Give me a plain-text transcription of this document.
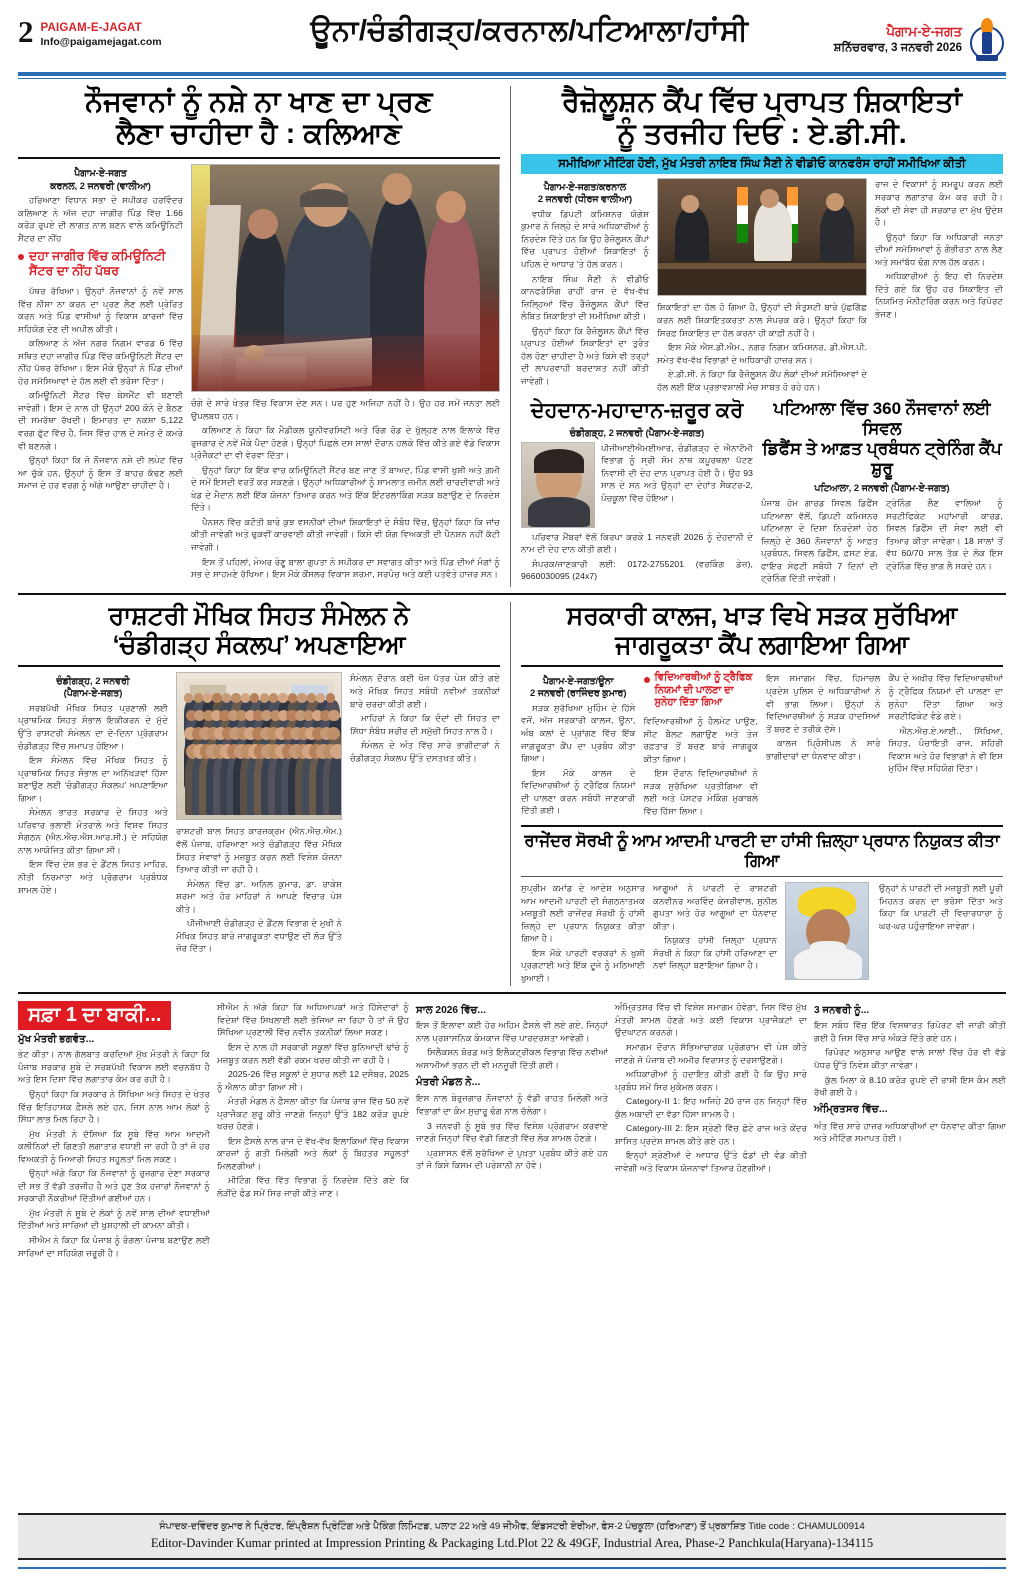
2 PAIGAM-E-JAGAT
Info@paigamejagat.com	ਉੂਨਾ/ਚੰਡੀਗੜ੍ਹ/ਕਰਨਾਲ/ਪਟਿਆਲਾ/ਹਾਂਸੀ	ਪੈਗਾਮ-ਏ-ਜਗਤ
ਸ਼ਨਿੱਚਰਵਾਰ, 3 ਜਨਵਰੀ 2026
ਨੌਜਵਾਨਾਂ ਨੂੰ ਨਸ਼ੇ ਨਾ ਖਾਣ ਦਾ ਪ੍ਰਣ
ਲੈਣਾ ਚਾਹੀਦਾ ਹੈ : ਕਲਿਆਣ
ਪੈਗਾਮ-ਏ-ਜਗਤ
ਕਰਨਲ, 2 ਜਨਵਰੀ (ਵਾਲੀਆ)

ਹਰਿਆਣਾ ਵਿਧਾਨ ਸਭਾ ਦੇ ਸਪੀਕਰ ਹਰਵਿੰਦਰ ਕਲਿਆਣ ਨੇ ਅੱਜ ਦਹਾ ਜਾਗੀਰ ਪਿੰਡ ਵਿੱਚ 1.66 ਕਰੋੜ ਰੁਪਏ ਦੀ ਲਾਗਤ ਨਾਲ ਬਣਨ ਵਾਲੇ ਕਮਿਊਨਿਟੀ ਸੈਂਟਰ ਦਾ ਨੀਂਹ

ਦਹਾ ਜਾਗੀਰ ਵਿੱਚ ਕਮਿਊਨਿਟੀ ਸੈਂਟਰ ਦਾ ਨੀਂਹ ਪੱਥਰ

ਪੱਥਰ ਰੱਖਿਆ। ਉਨ੍ਹਾਂ ਨੌਜਵਾਨਾਂ ਨੂੰ ਨਵੇਂ ਸਾਲ ਵਿੱਚ ਨੀਸ਼ਾ ਨਾ ਕਰਨ ਦਾ ਪ੍ਰਣ ਲੈਣ ਲਈ ਪ੍ਰੇਰਿਤ ਕਰਨ ਅਤੇ ਪਿੰਡ ਵਾਸੀਆਂ ਨੂੰ ਵਿਕਾਸ ਕਾਰਜਾਂ ਵਿੱਚ ਸਹਿਯੋਗ ਦੇਣ ਦੀ ਅਪੀਲ ਕੀਤੀ।

ਕਲਿਆਣ ਨੇ ਅੱਜ ਨਗਰ ਨਿਗਮ ਵਾਰਡ 6 ਵਿੱਚ ਸਥਿਤ ਦਹਾ ਜਾਗੀਰ ਪਿੰਡ ਵਿੱਚ ਕਮਿਊਨਿਟੀ ਸੈਂਟਰ ਦਾ ਨੀਂਹ ਪੱਥਰ ਰੱਖਿਆ। ਇਸ ਮੌਕੇ ਉਨ੍ਹਾਂ ਨੇ ਪਿੰਡ ਦੀਆਂ ਹੋਰ ਸਮੱਸਿਆਵਾਂ ਦੇ ਹੱਲ ਲਈ ਵੀ ਭਰੋਸਾ ਦਿੱਤਾ।

ਕਮਿਊਨਿਟੀ ਸੈਂਟਰ ਵਿੱਚ ਬੇਸਮੈਂਟ ਵੀ ਬਣਾਈ ਜਾਵੇਗੀ। ਇਸ ਦੇ ਨਾਲ ਹੀ ਉਨ੍ਹਾਂ 200 ਕੋਨੇ ਦੇ ਬੈਠਣ ਦੀ ਸਮਰੱਥਾ ਰੱਖਦੀ। ਇਮਾਰਤ ਦਾ ਨਕਸ਼ਾ 5,122 ਵਰਗ ਫੁੱਟ ਵਿੱਚ ਹੈ, ਜਿਸ ਵਿੱਚ ਹਾਲ ਦੇ ਸਮੇਤ ਦੋ ਕਮਰੇ ਵੀ ਬਣਨਗੇ।

ਉਨ੍ਹਾਂ ਕਿਹਾ ਕਿ ਜੋ ਨੌਜਵਾਨ ਨਸ਼ੇ ਦੀ ਲਪੇਟ ਵਿੱਚ ਆ ਚੁੱਕੇ ਹਨ, ਉਨ੍ਹਾਂ ਨੂੰ ਇਸ ਤੋਂ ਬਾਹਰ ਕੱਢਣ ਲਈ ਸਮਾਜ ਦੇ ਹਰ ਵਰਗ ਨੂੰ ਅੱਗੇ ਆਉਣਾ ਚਾਹੀਦਾ ਹੈ।

ਚੰਗੇ ਦੇ ਸਾਰੇ ਖੇਤਰ ਵਿੱਚ ਵਿਕਾਸ ਦੇਣ ਸਨ। ਪਰ ਹੁਣ ਅਜਿਹਾ ਨਹੀਂ ਹੈ। ਉਹ ਹਰ ਸਮੇਂ ਜਨਤਾ ਲਈ ਉਪਲਬਧ ਹਨ।

ਕਲਿਆਣ ਨੇ ਕਿਹਾ ਕਿ ਮੈਡੀਕਲ ਯੂਨੀਵਰਸਿਟੀ ਅਤੇ ਰਿੰਗ ਰੋਡ ਦੇ ਖੁੱਲ੍ਹਣ ਨਾਲ ਇਲਾਕੇ ਵਿੱਚ ਰੁਜ਼ਗਾਰ ਦੇ ਨਵੇਂ ਮੌਕੇ ਪੈਦਾ ਹੋਣਗੇ। ਉਨ੍ਹਾਂ ਪਿਛਲੇ ਦਸ ਸਾਲਾਂ ਦੌਰਾਨ ਹਲਕੇ ਵਿੱਚ ਕੀਤੇ ਗਏ ਵੱਡੇ ਵਿਕਾਸ ਪ੍ਰੋਜੈਕਟਾਂ ਦਾ ਵੀ ਵੇਰਵਾ ਦਿੱਤਾ।

ਉਨ੍ਹਾਂ ਕਿਹਾ ਕਿ ਇੱਕ ਵਾਰ ਕਮਿਊਨਿਟੀ ਸੈਂਟਰ ਬਣ ਜਾਣ ਤੋਂ ਬਾਅਦ, ਪਿੰਡ ਵਾਸੀ ਖੁਸ਼ੀ ਅਤੇ ਗ਼ਮੀ ਦੇ ਸਮੇਂ ਇਸਦੀ ਵਰਤੋਂ ਕਰ ਸਕਣਗੇ। ਉਨ੍ਹਾਂ ਅਧਿਕਾਰੀਆਂ ਨੂੰ ਸ਼ਾਮਲਾਤ ਜ਼ਮੀਨ ਲਈ ਚਾਰਦੀਵਾਰੀ ਅਤੇ ਖੇਡ ਦੇ ਮੈਦਾਨ ਲਈ ਇੱਕ ਯੋਜਨਾ ਤਿਆਰ ਕਰਨ ਅਤੇ ਇੱਕ ਇੰਟਰਲਾਕਿੰਗ ਸੜਕ ਬਣਾਉਣ ਦੇ ਨਿਰਦੇਸ਼ ਦਿੱਤੇ।

ਪੈਨਸ਼ਨ ਵਿੱਚ ਕਟੌਤੀ ਬਾਰੇ ਕੁਝ ਵਸਨੀਕਾਂ ਦੀਆਂ ਸ਼ਿਕਾਇਤਾਂ ਦੇ ਸੰਬੰਧ ਵਿੱਚ, ਉਨ੍ਹਾਂ ਕਿਹਾ ਕਿ ਜਾਂਚ ਕੀਤੀ ਜਾਵੇਗੀ ਅਤੇ ਢੁਕਵੀਂ ਕਾਰਵਾਈ ਕੀਤੀ ਜਾਵੇਗੀ। ਕਿਸੇ ਵੀ ਯੋਗ ਵਿਅਕਤੀ ਦੀ ਪੈਨਸ਼ਨ ਨਹੀਂ ਕੱਟੀ ਜਾਵੇਗੀ।

ਇਸ ਤੋਂ ਪਹਿਲਾਂ, ਮੇਅਰ ਰੇਣੂ ਬਾਲਾ ਗੁਪਤਾ ਨੇ ਸਪੀਕਰ ਦਾ ਸਵਾਗਤ ਕੀਤਾ ਅਤੇ ਪਿੰਡ ਦੀਆਂ ਮੰਗਾਂ ਨੂੰ ਸਭ ਦੇ ਸਾਹਮਣੇ ਰੱਖਿਆ। ਇਸ ਮੌਕੇ ਕੌਂਸਲਰ ਵਿਕਾਸ ਸ਼ਰਮਾ, ਸਰਪੰਚ ਅਤੇ ਕਈ ਪਤਵੰਤੇ ਹਾਜ਼ਰ ਸਨ।

ਰੈਜ਼ੋਲੂਸ਼ਨ ਕੈਂਪ ਵਿੱਚ ਪ੍ਰਾਪਤ ਸ਼ਿਕਾਇਤਾਂ
ਨੂੰ ਤਰਜੀਹ ਦਿਓ : ਏ.ਡੀ.ਸੀ.
ਸਮੀਖਿਆ ਮੀਟਿੰਗ ਹੋਈ, ਮੁੱਖ ਮੰਤਰੀ ਨਾਇਬ ਸਿੰਘ ਸੈਣੀ ਨੇ ਵੀਡੀਓ ਕਾਨਫਰੰਸ ਰਾਹੀਂ ਸਮੀਖਿਆ ਕੀਤੀ
ਪੈਗਾਮ-ਏ-ਜਗਤ/ਕਰਨਾਲ
2 ਜਨਵਰੀ (ਧੀਰਜ ਵਾਲੀਆ)

ਵਧੀਕ ਡਿਪਟੀ ਕਮਿਸ਼ਨਰ ਯੋਗੇਸ਼ ਕੁਮਾਰ ਨੇ ਜ਼ਿਲ੍ਹੇ ਦੇ ਸਾਰੇ ਅਧਿਕਾਰੀਆਂ ਨੂੰ ਨਿਰਦੇਸ਼ ਦਿੱਤੇ ਹਨ ਕਿ ਉਹ ਰੈਜ਼ੋਲੂਸ਼ਨ ਕੈਂਪਾਂ ਵਿੱਚ ਪ੍ਰਾਪਤ ਹੋਈਆਂ ਸ਼ਿਕਾਇਤਾਂ ਨੂੰ ਪਹਿਲ ਦੇ ਆਧਾਰ 'ਤੇ ਹੱਲ ਕਰਨ।

ਨਾਇਬ ਸਿੰਘ ਸੈਣੀ ਨੇ ਵੀਡੀਓ ਕਾਨਫਰੰਸਿੰਗ ਰਾਹੀਂ ਰਾਜ ਦੇ ਵੱਖ-ਵੱਖ ਜ਼ਿਲ੍ਹਿਆਂ ਵਿੱਚ ਰੈਜ਼ੋਲੂਸ਼ਨ ਕੈਂਪਾਂ ਵਿੱਚ ਲੰਬਿਤ ਸ਼ਿਕਾਇਤਾਂ ਦੀ ਸਮੀਖਿਆ ਕੀਤੀ।

ਉਨ੍ਹਾਂ ਕਿਹਾ ਕਿ ਰੈਜ਼ੋਲੂਸ਼ਨ ਕੈਂਪਾਂ ਵਿੱਚ ਪ੍ਰਾਪਤ ਹੋਈਆਂ ਸ਼ਿਕਾਇਤਾਂ ਦਾ ਤੁਰੰਤ ਹੱਲ ਹੋਣਾ ਚਾਹੀਦਾ ਹੈ ਅਤੇ ਕਿਸੇ ਵੀ ਤਰ੍ਹਾਂ ਦੀ ਲਾਪਰਵਾਹੀ ਬਰਦਾਸ਼ਤ ਨਹੀਂ ਕੀਤੀ ਜਾਵੇਗੀ।

ਸ਼ਿਕਾਇਤਾਂ ਦਾ ਹੱਲ ਹੋ ਗਿਆ ਹੈ, ਉਨ੍ਹਾਂ ਦੀ ਸੰਤੁਸ਼ਟੀ ਬਾਰੇ ਪੁੱਛਗਿੱਛ ਕਰਨ ਲਈ ਸ਼ਿਕਾਇਤਕਰਤਾ ਨਾਲ ਸੰਪਰਕ ਕਰੋ। ਉਨ੍ਹਾਂ ਕਿਹਾ ਕਿ ਸਿਰਫ਼ ਸ਼ਿਕਾਇਤ ਦਾ ਹੱਲ ਕਰਨਾ ਹੀ ਕਾਫ਼ੀ ਨਹੀਂ ਹੈ।

ਇਸ ਮੌਕੇ ਐਸ.ਡੀ.ਐਮ., ਨਗਰ ਨਿਗਮ ਕਮਿਸ਼ਨਰ, ਡੀ.ਐਸ.ਪੀ. ਸਮੇਤ ਵੱਖ-ਵੱਖ ਵਿਭਾਗਾਂ ਦੇ ਅਧਿਕਾਰੀ ਹਾਜ਼ਰ ਸਨ।

ਏ.ਡੀ.ਸੀ. ਨੇ ਕਿਹਾ ਕਿ ਰੈਜ਼ੋਲੂਸ਼ਨ ਕੈਂਪ ਲੋਕਾਂ ਦੀਆਂ ਸਮੱਸਿਆਵਾਂ ਦੇ ਹੱਲ ਲਈ ਇੱਕ ਪ੍ਰਭਾਵਸ਼ਾਲੀ ਮੰਚ ਸਾਬਤ ਹੋ ਰਹੇ ਹਨ।

ਰਾਜ ਦੇ ਵਿਕਾਸਾਂ ਨੂੰ ਸਮਰੂਪ ਕਰਨ ਲਈ ਸਰਕਾਰ ਲਗਾਤਾਰ ਕੰਮ ਕਰ ਰਹੀ ਹੈ। ਲੋਕਾਂ ਦੀ ਸੇਵਾ ਹੀ ਸਰਕਾਰ ਦਾ ਮੁੱਖ ਉਦੇਸ਼ ਹੈ।

ਉਨ੍ਹਾਂ ਕਿਹਾ ਕਿ ਅਧਿਕਾਰੀ ਜਨਤਾ ਦੀਆਂ ਸਮੱਸਿਆਵਾਂ ਨੂੰ ਗੰਭੀਰਤਾ ਨਾਲ ਲੈਣ ਅਤੇ ਸਮਾਂਬੱਧ ਢੰਗ ਨਾਲ ਹੱਲ ਕਰਨ।

ਅਧਿਕਾਰੀਆਂ ਨੂੰ ਇਹ ਵੀ ਨਿਰਦੇਸ਼ ਦਿੱਤੇ ਗਏ ਕਿ ਉਹ ਹਰ ਸ਼ਿਕਾਇਤ ਦੀ ਨਿਯਮਿਤ ਮੋਨੀਟਰਿੰਗ ਕਰਨ ਅਤੇ ਰਿਪੋਰਟ ਭੇਜਣ।

ਦੇਹਦਾਨ-ਮਹਾਦਾਨ-ਜ਼ਰੂਰ ਕਰੋ
ਚੰਡੀਗੜ੍ਹ, 2 ਜਨਵਰੀ (ਪੈਗਾਮ-ਏ-ਜਗਤ)

ਪੀਜੀਆਈਐਮਈਆਰ, ਚੰਡੀਗੜ੍ਹ ਦੇ ਐਨਾਟੌਮੀ ਵਿਭਾਗ ਨੂੰ ਸ੍ਰੀ ਸੋਮ ਨਾਥ ਕਪੂਰਥਲਾ ਪੱਟਣ ਨਿਵਾਸੀ ਦੀ ਦੇਹ ਦਾਨ ਪ੍ਰਾਪਤ ਹੋਈ ਹੈ। ਉਹ 93 ਸਾਲ ਦੇ ਸਨ ਅਤੇ ਉਨ੍ਹਾਂ ਦਾ ਦੇਹਾਂਤ ਸੈਕਟਰ-2, ਪੰਚਕੂਲਾ ਵਿੱਚ ਹੋਇਆ।

ਪਰਿਵਾਰ ਮੈਂਬਰਾਂ ਵੱਲੋਂ ਕਿਰਪਾ ਕਰਕੇ 1 ਜਨਵਰੀ 2026 ਨੂੰ ਦੇਹਦਾਨੀ ਦੇ ਨਾਮ ਦੀ ਦੇਹ ਦਾਨ ਕੀਤੀ ਗਈ।

ਸੰਪਰਕ/ਜਾਣਕਾਰੀ ਲਈ: 0172-2755201 (ਵਰਕਿੰਗ ਡੇਜ਼), 9660030095 (24x7)

ਪਟਿਆਲਾ ਵਿੱਚ 360 ਨੌਜਵਾਨਾਂ ਲਈ ਸਿਵਲ
ਡਿਫੈਂਸ ਤੇ ਆਫ਼ਤ ਪ੍ਰਬੰਧਨ ਟ੍ਰੇਨਿੰਗ ਕੈਂਪ ਸ਼ੁਰੂ
ਪਟਿਆਲਾ, 2 ਜਨਵਰੀ (ਪੈਗਾਮ-ਏ-ਜਗਤ)

ਪੰਜਾਬ ਹੋਮ ਗਾਰਡ ਸਿਵਲ ਡਿਫੈਂਸ ਪਟਿਆਲਾ ਵੱਲੋਂ, ਡਿਪਟੀ ਕਮਿਸ਼ਨਰ ਪਟਿਆਲਾ ਦੇ ਦਿਸ਼ਾ ਨਿਰਦੇਸ਼ਾਂ ਹੇਠ ਜ਼ਿਲ੍ਹੇ ਦੇ 360 ਨੌਜਵਾਨਾਂ ਨੂੰ ਆਫ਼ਤ ਪ੍ਰਬੰਧਨ, ਸਿਵਲ ਡਿਫੈਂਸ, ਫ਼ਸਟ ਏਡ, ਫਾਇਰ ਸੇਫਟੀ ਸਬੰਧੀ 7 ਦਿਨਾਂ ਦੀ ਟ੍ਰੇਨਿੰਗ ਦਿੱਤੀ ਜਾਵੇਗੀ।

ਟ੍ਰੇਨਿੰਗ ਲੈਣ ਵਾਲਿਆਂ ਨੂੰ ਸਰਟੀਫਿਕੇਟ ਮਹਾਂਮਾਰੀ ਕਾਰਡ, ਸਿਵਲ ਡਿਫੈਂਸ ਦੀ ਸੇਵਾ ਲਈ ਵੀ ਤਿਆਰ ਕੀਤਾ ਜਾਵੇਗਾ। 18 ਸਾਲਾਂ ਤੋਂ ਵੱਧ 60/70 ਸਾਲ ਤੱਕ ਦੇ ਲੋਕ ਇਸ ਟ੍ਰੇਨਿੰਗ ਵਿੱਚ ਭਾਗ ਲੈ ਸਕਦੇ ਹਨ।

ਰਾਸ਼ਟਰੀ ਮੌਖਿਕ ਸਿਹਤ ਸੰਮੇਲਨ ਨੇ
‘ਚੰਡੀਗੜ੍ਹ ਸੰਕਲਪ’ ਅਪਣਾਇਆ
ਚੰਡੀਗੜ੍ਹ, 2 ਜਨਵਰੀ
(ਪੈਗਾਮ-ਏ-ਜਗਤ)

ਸਰਬਪੱਖੀ ਮੌਖਿਕ ਸਿਹਤ ਪ੍ਰਣਾਲੀ ਲਈ ਪ੍ਰਾਥਮਿਕ ਸਿਹਤ ਸੰਭਾਲ ਇਕੀਕਰਨ ਦੇ ਮੁੱਦੇ ਉੱਤੇ ਰਾਸ਼ਟਰੀ ਸੰਮੇਲਨ ਦਾ ਦੋ-ਦਿਨਾ ਪ੍ਰੋਗਰਾਮ ਚੰਡੀਗੜ੍ਹ ਵਿੱਚ ਸਮਾਪਤ ਹੋਇਆ।

ਇਸ ਸੰਮੇਲਨ ਵਿੱਚ ਮੌਖਿਕ ਸਿਹਤ ਨੂੰ ਪ੍ਰਾਥਮਿਕ ਸਿਹਤ ਸੰਭਾਲ ਦਾ ਅਨਿੱਖੜਵਾਂ ਹਿੱਸਾ ਬਣਾਉਣ ਲਈ ‘ਚੰਡੀਗੜ੍ਹ ਸੰਕਲਪ’ ਅਪਣਾਇਆ ਗਿਆ।

ਸੰਮੇਲਨ ਭਾਰਤ ਸਰਕਾਰ ਦੇ ਸਿਹਤ ਅਤੇ ਪਰਿਵਾਰ ਭਲਾਈ ਮੰਤਰਾਲੇ ਅਤੇ ਵਿਸ਼ਵ ਸਿਹਤ ਸੰਗਠਨ (ਐਨ.ਐਚ.ਐਸ.ਆਰ.ਸੀ.) ਦੇ ਸਹਿਯੋਗ ਨਾਲ ਆਯੋਜਿਤ ਕੀਤਾ ਗਿਆ ਸੀ।

ਇਸ ਵਿੱਚ ਦੇਸ਼ ਭਰ ਦੇ ਡੈਂਟਲ ਸਿਹਤ ਮਾਹਿਰ, ਨੀਤੀ ਨਿਰਮਾਤਾ ਅਤੇ ਪ੍ਰੋਗਰਾਮ ਪ੍ਰਬੰਧਕ ਸ਼ਾਮਲ ਹੋਏ।

ਰਾਸ਼ਟਰੀ ਬਾਲ ਸਿਹਤ ਕਾਰਜਕ੍ਰਮ (ਐਨ.ਐਚ.ਐਮ.) ਵੱਲੋਂ ਪੰਜਾਬ, ਹਰਿਆਣਾ ਅਤੇ ਚੰਡੀਗੜ੍ਹ ਵਿੱਚ ਮੌਖਿਕ ਸਿਹਤ ਸੇਵਾਵਾਂ ਨੂੰ ਮਜ਼ਬੂਤ ਕਰਨ ਲਈ ਵਿਸ਼ੇਸ਼ ਯੋਜਨਾ ਤਿਆਰ ਕੀਤੀ ਜਾ ਰਹੀ ਹੈ।

ਸੰਮੇਲਨ ਵਿੱਚ ਡਾ. ਅਨਿਲ ਕੁਮਾਰ, ਡਾ. ਰਾਕੇਸ਼ ਸ਼ਰਮਾ ਅਤੇ ਹੋਰ ਮਾਹਿਰਾਂ ਨੇ ਆਪਣੇ ਵਿਚਾਰ ਪੇਸ਼ ਕੀਤੇ।

ਪੀਜੀਆਈ ਚੰਡੀਗੜ੍ਹ ਦੇ ਡੈਂਟਲ ਵਿਭਾਗ ਦੇ ਮੁਖੀ ਨੇ ਮੌਖਿਕ ਸਿਹਤ ਬਾਰੇ ਜਾਗਰੂਕਤਾ ਵਧਾਉਣ ਦੀ ਲੋੜ ਉੱਤੇ ਜ਼ੋਰ ਦਿੱਤਾ।

ਸੰਮੇਲਨ ਦੌਰਾਨ ਕਈ ਖੋਜ ਪੱਤਰ ਪੇਸ਼ ਕੀਤੇ ਗਏ ਅਤੇ ਮੌਖਿਕ ਸਿਹਤ ਸਬੰਧੀ ਨਵੀਆਂ ਤਕਨੀਕਾਂ ਬਾਰੇ ਚਰਚਾ ਕੀਤੀ ਗਈ।

ਮਾਹਿਰਾਂ ਨੇ ਕਿਹਾ ਕਿ ਦੰਦਾਂ ਦੀ ਸਿਹਤ ਦਾ ਸਿੱਧਾ ਸੰਬੰਧ ਸਰੀਰ ਦੀ ਸਮੁੱਚੀ ਸਿਹਤ ਨਾਲ ਹੈ।

ਸੰਮੇਲਨ ਦੇ ਅੰਤ ਵਿੱਚ ਸਾਰੇ ਭਾਗੀਦਾਰਾਂ ਨੇ ਚੰਡੀਗੜ੍ਹ ਸੰਕਲਪ ਉੱਤੇ ਦਸਤਖਤ ਕੀਤੇ।

ਸਰਕਾਰੀ ਕਾਲਜ, ਖਾੜ ਵਿਖੇ ਸੜਕ ਸੁਰੱਖਿਆ
ਜਾਗਰੂਕਤਾ ਕੈਂਪ ਲਗਾਇਆ ਗਿਆ
ਪੈਗਾਮ-ਏ-ਜਗਤ/ਊਨਾ
2 ਜਨਵਰੀ (ਰਾਜਿੰਦਰ ਕੁਮਾਰ)

ਸੜਕ ਸੁਰੱਖਿਆ ਮੁਹਿੰਮ ਦੇ ਹਿੱਸੇ ਵਜੋਂ, ਅੱਜ ਸਰਕਾਰੀ ਕਾਲਜ, ਊਨਾ, ਅੰਬ ਕਲਾਂ ਦੇ ਪ੍ਰਾਂਗਣ ਵਿੱਚ ਇੱਕ ਜਾਗਰੂਕਤਾ ਕੈਂਪ ਦਾ ਪ੍ਰਬੰਧ ਕੀਤਾ ਗਿਆ।

ਇਸ ਮੌਕੇ ਕਾਲਜ ਦੇ ਵਿਦਿਆਰਥੀਆਂ ਨੂੰ ਟ੍ਰੈਫਿਕ ਨਿਯਮਾਂ ਦੀ ਪਾਲਣਾ ਕਰਨ ਸਬੰਧੀ ਜਾਣਕਾਰੀ ਦਿੱਤੀ ਗਈ।

ਵਿਦਿਆਰਥੀਆਂ ਨੂੰ ਟ੍ਰੈਫਿਕ ਨਿਯਮਾਂ ਦੀ ਪਾਲਣਾ ਦਾ ਸੁਨੇਹਾ ਦਿੱਤਾ ਗਿਆ

ਵਿਦਿਆਰਥੀਆਂ ਨੂੰ ਹੈਲਮੇਟ ਪਾਉਣ, ਸੀਟ ਬੈਲਟ ਲਗਾਉਣ ਅਤੇ ਤੇਜ਼ ਰਫ਼ਤਾਰ ਤੋਂ ਬਚਣ ਬਾਰੇ ਜਾਗਰੂਕ ਕੀਤਾ ਗਿਆ।

ਇਸ ਦੌਰਾਨ ਵਿਦਿਆਰਥੀਆਂ ਨੇ ਸੜਕ ਸੁਰੱਖਿਆ ਪ੍ਰਤੀਗਿਆ ਵੀ ਲਈ ਅਤੇ ਪੋਸਟਰ ਮੇਕਿੰਗ ਮੁਕਾਬਲੇ ਵਿੱਚ ਹਿੱਸਾ ਲਿਆ।

ਇਸ ਸਮਾਗਮ ਵਿੱਚ, ਹਿਮਾਚਲ ਪ੍ਰਦੇਸ਼ ਪੁਲਿਸ ਦੇ ਅਧਿਕਾਰੀਆਂ ਨੇ ਵੀ ਭਾਗ ਲਿਆ। ਉਨ੍ਹਾਂ ਨੇ ਵਿਦਿਆਰਥੀਆਂ ਨੂੰ ਸੜਕ ਹਾਦਸਿਆਂ ਤੋਂ ਬਚਣ ਦੇ ਤਰੀਕੇ ਦੱਸੇ।

ਕਾਲਜ ਪ੍ਰਿੰਸੀਪਲ ਨੇ ਸਾਰੇ ਭਾਗੀਦਾਰਾਂ ਦਾ ਧੰਨਵਾਦ ਕੀਤਾ।

ਕੈਂਪ ਦੇ ਅਖ਼ੀਰ ਵਿੱਚ ਵਿਦਿਆਰਥੀਆਂ ਨੂੰ ਟ੍ਰੈਫਿਕ ਨਿਯਮਾਂ ਦੀ ਪਾਲਣਾ ਦਾ ਸੁਨੇਹਾ ਦਿੱਤਾ ਗਿਆ ਅਤੇ ਸਰਟੀਫਿਕੇਟ ਵੰਡੇ ਗਏ।

ਐਨ.ਐਚ.ਏ.ਆਈ., ਸਿੱਖਿਆ, ਸਿਹਤ, ਪੰਚਾਇਤੀ ਰਾਜ, ਸ਼ਹਿਰੀ ਵਿਕਾਸ ਅਤੇ ਹੋਰ ਵਿਭਾਗਾਂ ਨੇ ਵੀ ਇਸ ਮੁਹਿੰਮ ਵਿੱਚ ਸਹਿਯੋਗ ਦਿੱਤਾ।

ਰਾਜੇਂਦਰ ਸੋਰਖੀ ਨੂੰ ਆਮ ਆਦਮੀ ਪਾਰਟੀ ਦਾ ਹਾਂਸੀ ਜ਼ਿਲ੍ਹਾ ਪ੍ਰਧਾਨ ਨਿਯੁਕਤ ਕੀਤਾ ਗਿਆ

ਸੁਪ੍ਰੀਮ ਕਮਾਂਡ ਦੇ ਆਦੇਸ਼ ਅਨੁਸਾਰ ਆਮ ਆਦਮੀ ਪਾਰਟੀ ਦੀ ਸੰਗਠਨਾਤਮਕ ਮਜ਼ਬੂਤੀ ਲਈ ਰਾਜੇਂਦਰ ਸੋਰਖੀ ਨੂੰ ਹਾਂਸੀ ਜ਼ਿਲ੍ਹੇ ਦਾ ਪ੍ਰਧਾਨ ਨਿਯੁਕਤ ਕੀਤਾ ਗਿਆ ਹੈ।

ਇਸ ਮੌਕੇ ਪਾਰਟੀ ਵਰਕਰਾਂ ਨੇ ਖੁਸ਼ੀ ਪ੍ਰਗਟਾਈ ਅਤੇ ਇੱਕ ਦੂਜੇ ਨੂੰ ਮਠਿਆਈ ਖੁਆਈ।

ਆਗੂਆਂ ਨੇ ਪਾਰਟੀ ਦੇ ਰਾਸ਼ਟਰੀ ਕਨਵੀਨਰ ਅਰਵਿੰਦ ਕੇਜਰੀਵਾਲ, ਸੁਨੀਲ ਗੁਪਤਾ ਅਤੇ ਹੋਰ ਆਗੂਆਂ ਦਾ ਧੰਨਵਾਦ ਕੀਤਾ।

ਨਿਯੁਕਤ ਹਾਂਸੀ ਜ਼ਿਲ੍ਹਾ ਪ੍ਰਧਾਨ ਸੋਰਖੀ ਨੇ ਕਿਹਾ ਕਿ ਹਾਂਸੀ ਹਰਿਆਣਾ ਦਾ ਨਵਾਂ ਜ਼ਿਲ੍ਹਾ ਬਣਾਇਆ ਗਿਆ ਹੈ।

ਉਨ੍ਹਾਂ ਨੇ ਪਾਰਟੀ ਦੀ ਮਜ਼ਬੂਤੀ ਲਈ ਪੂਰੀ ਮਿਹਨਤ ਕਰਨ ਦਾ ਭਰੋਸਾ ਦਿੱਤਾ ਅਤੇ ਕਿਹਾ ਕਿ ਪਾਰਟੀ ਦੀ ਵਿਚਾਰਧਾਰਾ ਨੂੰ ਘਰ-ਘਰ ਪਹੁੰਚਾਇਆ ਜਾਵੇਗਾ।

ਸਫ਼ਾ 1 ਦਾ ਬਾਕੀ...
ਮੁੱਖ ਮੰਤਰੀ ਭਗਵੰਤ...

ਭੇਟ ਕੀਤਾ। ਨਾਲ ਗੱਲਬਾਤ ਕਰਦਿਆਂ ਮੁੱਖ ਮੰਤਰੀ ਨੇ ਕਿਹਾ ਕਿ ਪੰਜਾਬ ਸਰਕਾਰ ਸੂਬੇ ਦੇ ਸਰਬਪੱਖੀ ਵਿਕਾਸ ਲਈ ਵਚਨਬੱਧ ਹੈ ਅਤੇ ਇਸ ਦਿਸ਼ਾ ਵਿੱਚ ਲਗਾਤਾਰ ਕੰਮ ਕਰ ਰਹੀ ਹੈ।

ਉਨ੍ਹਾਂ ਕਿਹਾ ਕਿ ਸਰਕਾਰ ਨੇ ਸਿੱਖਿਆ ਅਤੇ ਸਿਹਤ ਦੇ ਖੇਤਰ ਵਿੱਚ ਇਤਿਹਾਸਕ ਫ਼ੈਸਲੇ ਲਏ ਹਨ, ਜਿਸ ਨਾਲ ਆਮ ਲੋਕਾਂ ਨੂੰ ਸਿੱਧਾ ਲਾਭ ਮਿਲ ਰਿਹਾ ਹੈ।

ਮੁੱਖ ਮੰਤਰੀ ਨੇ ਦੱਸਿਆ ਕਿ ਸੂਬੇ ਵਿੱਚ ਆਮ ਆਦਮੀ ਕਲੀਨਿਕਾਂ ਦੀ ਗਿਣਤੀ ਲਗਾਤਾਰ ਵਧਾਈ ਜਾ ਰਹੀ ਹੈ ਤਾਂ ਜੋ ਹਰ ਵਿਅਕਤੀ ਨੂੰ ਮਿਆਰੀ ਸਿਹਤ ਸਹੂਲਤਾਂ ਮਿਲ ਸਕਣ।

ਉਨ੍ਹਾਂ ਅੱਗੇ ਕਿਹਾ ਕਿ ਨੌਜਵਾਨਾਂ ਨੂੰ ਰੁਜ਼ਗਾਰ ਦੇਣਾ ਸਰਕਾਰ ਦੀ ਸਭ ਤੋਂ ਵੱਡੀ ਤਰਜੀਹ ਹੈ ਅਤੇ ਹੁਣ ਤੱਕ ਹਜ਼ਾਰਾਂ ਨੌਜਵਾਨਾਂ ਨੂੰ ਸਰਕਾਰੀ ਨੌਕਰੀਆਂ ਦਿੱਤੀਆਂ ਗਈਆਂ ਹਨ।

ਮੁੱਖ ਮੰਤਰੀ ਨੇ ਸੂਬੇ ਦੇ ਲੋਕਾਂ ਨੂੰ ਨਵੇਂ ਸਾਲ ਦੀਆਂ ਵਧਾਈਆਂ ਦਿੱਤੀਆਂ ਅਤੇ ਸਾਰਿਆਂ ਦੀ ਖੁਸ਼ਹਾਲੀ ਦੀ ਕਾਮਨਾ ਕੀਤੀ।

ਸੀਐਮ ਨੇ ਕਿਹਾ ਕਿ ਪੰਜਾਬ ਨੂੰ ਰੰਗਲਾ ਪੰਜਾਬ ਬਣਾਉਣ ਲਈ ਸਾਰਿਆਂ ਦਾ ਸਹਿਯੋਗ ਜ਼ਰੂਰੀ ਹੈ।

ਸੀਐਮ ਨੇ ਅੱਗੇ ਕਿਹਾ ਕਿ ਅਧਿਆਪਕਾਂ ਅਤੇ ਹਿੱਸੇਦਾਰਾਂ ਨੂੰ ਵਿਦੇਸ਼ਾਂ ਵਿੱਚ ਸਿਖਲਾਈ ਲਈ ਭੇਜਿਆ ਜਾ ਰਿਹਾ ਹੈ ਤਾਂ ਜੋ ਉਹ ਸਿੱਖਿਆ ਪ੍ਰਣਾਲੀ ਵਿੱਚ ਨਵੀਨ ਤਕਨੀਕਾਂ ਲਿਆ ਸਕਣ।

ਇਸ ਦੇ ਨਾਲ ਹੀ ਸਰਕਾਰੀ ਸਕੂਲਾਂ ਵਿੱਚ ਬੁਨਿਆਦੀ ਢਾਂਚੇ ਨੂੰ ਮਜ਼ਬੂਤ ਕਰਨ ਲਈ ਵੱਡੀ ਰਕਮ ਖਰਚ ਕੀਤੀ ਜਾ ਰਹੀ ਹੈ।

2025-26 ਵਿੱਚ ਸਕੂਲਾਂ ਦੇ ਸੁਧਾਰ ਲਈ 12 ਦਸੰਬਰ, 2025 ਨੂੰ ਐਲਾਨ ਕੀਤਾ ਗਿਆ ਸੀ।

ਮੰਤਰੀ ਮੰਡਲ ਨੇ ਫ਼ੈਸਲਾ ਕੀਤਾ ਕਿ ਪੰਜਾਬ ਰਾਜ ਵਿੱਚ 50 ਨਵੇਂ ਪ੍ਰਾਜੈਕਟ ਸ਼ੁਰੂ ਕੀਤੇ ਜਾਣਗੇ ਜਿਨ੍ਹਾਂ ਉੱਤੇ 182 ਕਰੋੜ ਰੁਪਏ ਖਰਚ ਹੋਣਗੇ।

ਇਸ ਫ਼ੈਸਲੇ ਨਾਲ ਰਾਜ ਦੇ ਵੱਖ-ਵੱਖ ਇਲਾਕਿਆਂ ਵਿੱਚ ਵਿਕਾਸ ਕਾਰਜਾਂ ਨੂੰ ਗਤੀ ਮਿਲੇਗੀ ਅਤੇ ਲੋਕਾਂ ਨੂੰ ਬਿਹਤਰ ਸਹੂਲਤਾਂ ਮਿਲਣਗੀਆਂ।

ਮੀਟਿੰਗ ਵਿੱਚ ਵਿੱਤ ਵਿਭਾਗ ਨੂੰ ਨਿਰਦੇਸ਼ ਦਿੱਤੇ ਗਏ ਕਿ ਲੋੜੀਂਦੇ ਫੰਡ ਸਮੇਂ ਸਿਰ ਜਾਰੀ ਕੀਤੇ ਜਾਣ।

ਸਾਲ 2026 ਵਿੱਚ...

ਇਸ ਤੋਂ ਇਲਾਵਾ ਕਈ ਹੋਰ ਅਹਿਮ ਫ਼ੈਸਲੇ ਵੀ ਲਏ ਗਏ, ਜਿਨ੍ਹਾਂ ਨਾਲ ਪ੍ਰਸ਼ਾਸਨਿਕ ਕੰਮਕਾਜ ਵਿੱਚ ਪਾਰਦਰਸ਼ਤਾ ਆਵੇਗੀ।

ਸਿਲੈਕਸ਼ਨ ਬੋਰਡ ਅਤੇ ਇਲੈਕਟ੍ਰੀਕਲ ਵਿਭਾਗ ਵਿੱਚ ਨਵੀਆਂ ਅਸਾਮੀਆਂ ਭਰਨ ਦੀ ਵੀ ਮਨਜ਼ੂਰੀ ਦਿੱਤੀ ਗਈ।

ਮੰਤਰੀ ਮੰਡਲ ਨੇ...

ਇਸ ਨਾਲ ਬੇਰੁਜ਼ਗਾਰ ਨੌਜਵਾਨਾਂ ਨੂੰ ਵੱਡੀ ਰਾਹਤ ਮਿਲੇਗੀ ਅਤੇ ਵਿਭਾਗਾਂ ਦਾ ਕੰਮ ਸੁਚਾਰੂ ਢੰਗ ਨਾਲ ਚੱਲੇਗਾ।

3 ਜਨਵਰੀ ਨੂੰ ਸੂਬੇ ਭਰ ਵਿੱਚ ਵਿਸ਼ੇਸ਼ ਪ੍ਰੋਗਰਾਮ ਕਰਵਾਏ ਜਾਣਗੇ ਜਿਨ੍ਹਾਂ ਵਿੱਚ ਵੱਡੀ ਗਿਣਤੀ ਵਿੱਚ ਲੋਕ ਸ਼ਾਮਲ ਹੋਣਗੇ।

ਪ੍ਰਸ਼ਾਸਨ ਵੱਲੋਂ ਸੁਰੱਖਿਆ ਦੇ ਪੁਖ਼ਤਾ ਪ੍ਰਬੰਧ ਕੀਤੇ ਗਏ ਹਨ ਤਾਂ ਜੋ ਕਿਸੇ ਕਿਸਮ ਦੀ ਪਰੇਸ਼ਾਨੀ ਨਾ ਹੋਵੇ।

ਅੰਮ੍ਰਿਤਸਰ ਵਿੱਚ ਵੀ ਵਿਸ਼ੇਸ਼ ਸਮਾਗਮ ਹੋਵੇਗਾ, ਜਿਸ ਵਿੱਚ ਮੁੱਖ ਮੰਤਰੀ ਸ਼ਾਮਲ ਹੋਣਗੇ ਅਤੇ ਕਈ ਵਿਕਾਸ ਪ੍ਰਾਜੈਕਟਾਂ ਦਾ ਉਦਘਾਟਨ ਕਰਨਗੇ।

ਸਮਾਗਮ ਦੌਰਾਨ ਸੱਭਿਆਚਾਰਕ ਪ੍ਰੋਗਰਾਮ ਵੀ ਪੇਸ਼ ਕੀਤੇ ਜਾਣਗੇ ਜੋ ਪੰਜਾਬ ਦੀ ਅਮੀਰ ਵਿਰਾਸਤ ਨੂੰ ਦਰਸਾਉਣਗੇ।

ਅਧਿਕਾਰੀਆਂ ਨੂੰ ਹਦਾਇਤ ਕੀਤੀ ਗਈ ਹੈ ਕਿ ਉਹ ਸਾਰੇ ਪ੍ਰਬੰਧ ਸਮੇਂ ਸਿਰ ਮੁਕੰਮਲ ਕਰਨ।

Category-II 1: ਇਹ ਅਜਿਹੇ 20 ਰਾਜ ਹਨ ਜਿਨ੍ਹਾਂ ਵਿੱਚ ਕੁੱਲ ਅਬਾਦੀ ਦਾ ਵੱਡਾ ਹਿੱਸਾ ਸ਼ਾਮਲ ਹੈ।

Category-III 2: ਇਸ ਸ਼੍ਰੇਣੀ ਵਿੱਚ ਛੋਟੇ ਰਾਜ ਅਤੇ ਕੇਂਦਰ ਸ਼ਾਸਿਤ ਪ੍ਰਦੇਸ਼ ਸ਼ਾਮਲ ਕੀਤੇ ਗਏ ਹਨ।

ਇਨ੍ਹਾਂ ਸ਼੍ਰੇਣੀਆਂ ਦੇ ਆਧਾਰ ਉੱਤੇ ਫੰਡਾਂ ਦੀ ਵੰਡ ਕੀਤੀ ਜਾਵੇਗੀ ਅਤੇ ਵਿਕਾਸ ਯੋਜਨਾਵਾਂ ਤਿਆਰ ਹੋਣਗੀਆਂ।

3 ਜਨਵਰੀ ਨੂੰ...

ਇਸ ਸਬੰਧ ਵਿੱਚ ਇੱਕ ਵਿਸਥਾਰਤ ਰਿਪੋਰਟ ਵੀ ਜਾਰੀ ਕੀਤੀ ਗਈ ਹੈ ਜਿਸ ਵਿੱਚ ਸਾਰੇ ਅੰਕੜੇ ਦਿੱਤੇ ਗਏ ਹਨ।

ਰਿਪੋਰਟ ਅਨੁਸਾਰ ਆਉਣ ਵਾਲੇ ਸਾਲਾਂ ਵਿੱਚ ਹੋਰ ਵੀ ਵੱਡੇ ਪੱਧਰ ਉੱਤੇ ਨਿਵੇਸ਼ ਕੀਤਾ ਜਾਵੇਗਾ।

ਕੁੱਲ ਮਿਲਾ ਕੇ 8.10 ਕਰੋੜ ਰੁਪਏ ਦੀ ਰਾਸ਼ੀ ਇਸ ਕੰਮ ਲਈ ਰੱਖੀ ਗਈ ਹੈ।

ਅੰਮ੍ਰਿਤਸਰ ਵਿੱਚ...

ਅੰਤ ਵਿੱਚ ਸਾਰੇ ਹਾਜ਼ਰ ਅਧਿਕਾਰੀਆਂ ਦਾ ਧੰਨਵਾਦ ਕੀਤਾ ਗਿਆ ਅਤੇ ਮੀਟਿੰਗ ਸਮਾਪਤ ਹੋਈ।

ਸੰਪਾਦਕ-ਦਵਿੰਦਰ ਕੁਮਾਰ ਨੇ ਪ੍ਰਿੰਟਰ, ਇੰਪ੍ਰੈਸ਼ਨ ਪ੍ਰਿੰਟਿੰਗ ਅਤੇ ਪੈਕਿੰਗ ਲਿਮਿਟਡ, ਪਲਾਟ 22 ਅਤੇ 49 ਜੀਐਫ, ਇੰਡਸਟਰੀ ਏਰੀਆ, ਫੇਸ-2 ਪੰਚਕੂਲਾ (ਹਰਿਆਣਾ) ਤੋਂ ਪ੍ਰਕਾਸ਼ਿਤ Title code : CHAMUL00914
Editor-Davinder Kumar printed at Impression Printing & Packaging Ltd.Plot 22 & 49GF, Industrial Area, Phase-2 Panchkula(Haryana)-134115
